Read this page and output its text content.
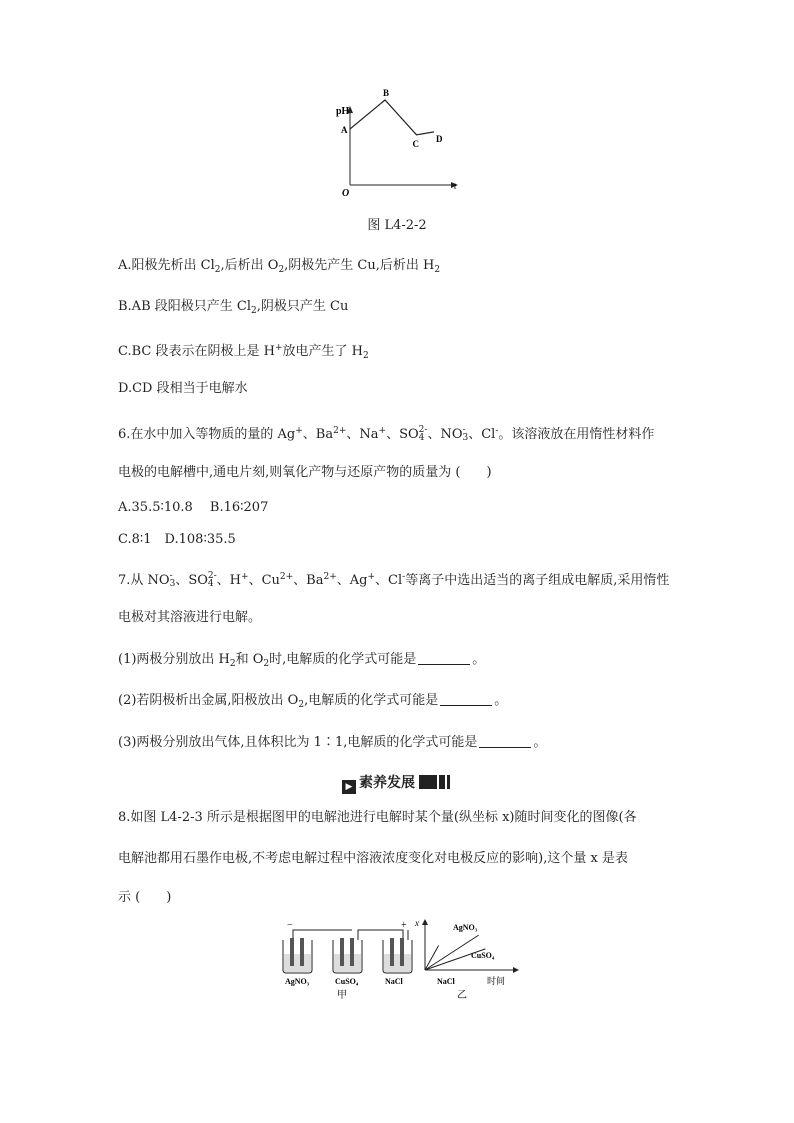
pH
t
O
A
B
C D
图 L4-2-2
A.阳极先析出 $Cl_2$,后析出 $O_2$,阴极先产生 Cu,后析出 $H_2$
B.AB 段阳极只产生 $Cl_2$,阴极只产生 Cu
C.BC 段表示在阴极上是 H+放电产生了 $H_2$
D.CD 段相当于电解水
6.在水中加入等物质的量的 Ag+、$Ba^{2+}$、Na+、SO 2-
4 、NO -
3 、Cl-。该溶液放在用惰性材料作
电极的电解槽中,通电片刻,则氧化产物与还原产物的质量为 (　　)
A.35.5∶10.8　 B.16∶207
C.8∶1　D.108∶35.5
7.从 NO -
3 、SO 2-
4 、H+、$Cu^{2+}$、$Ba^{2+}$、Ag+、Cl-等离子中选出适当的离子组成电解质,采用惰性
电极对其溶液进行电解。
(1)两极分别放出 $H_2$和 $O_2$时,电解质的化学式可能是	。
(2)若阴极析出金属,阳极放出 $O_2$,电解质的化学式可能是	。
(3)两极分别放出气体,且体积比为 1∶1,电解质的化学式可能是	。
▶ 素养发展
8.如图 L4-2-3 所示是根据图甲的电解池进行电解时某个量(纵坐标 x)随时间变化的图像(各
电解池都用石墨作电极,不考虑电解过程中溶液浓度变化对电极反应的影响),这个量 x 是表
示 (　　)
−	+
AgNO₃	CuSO₄	NaCl
甲
x
时间
AgNO₃
CuSO₄
NaCl
乙
